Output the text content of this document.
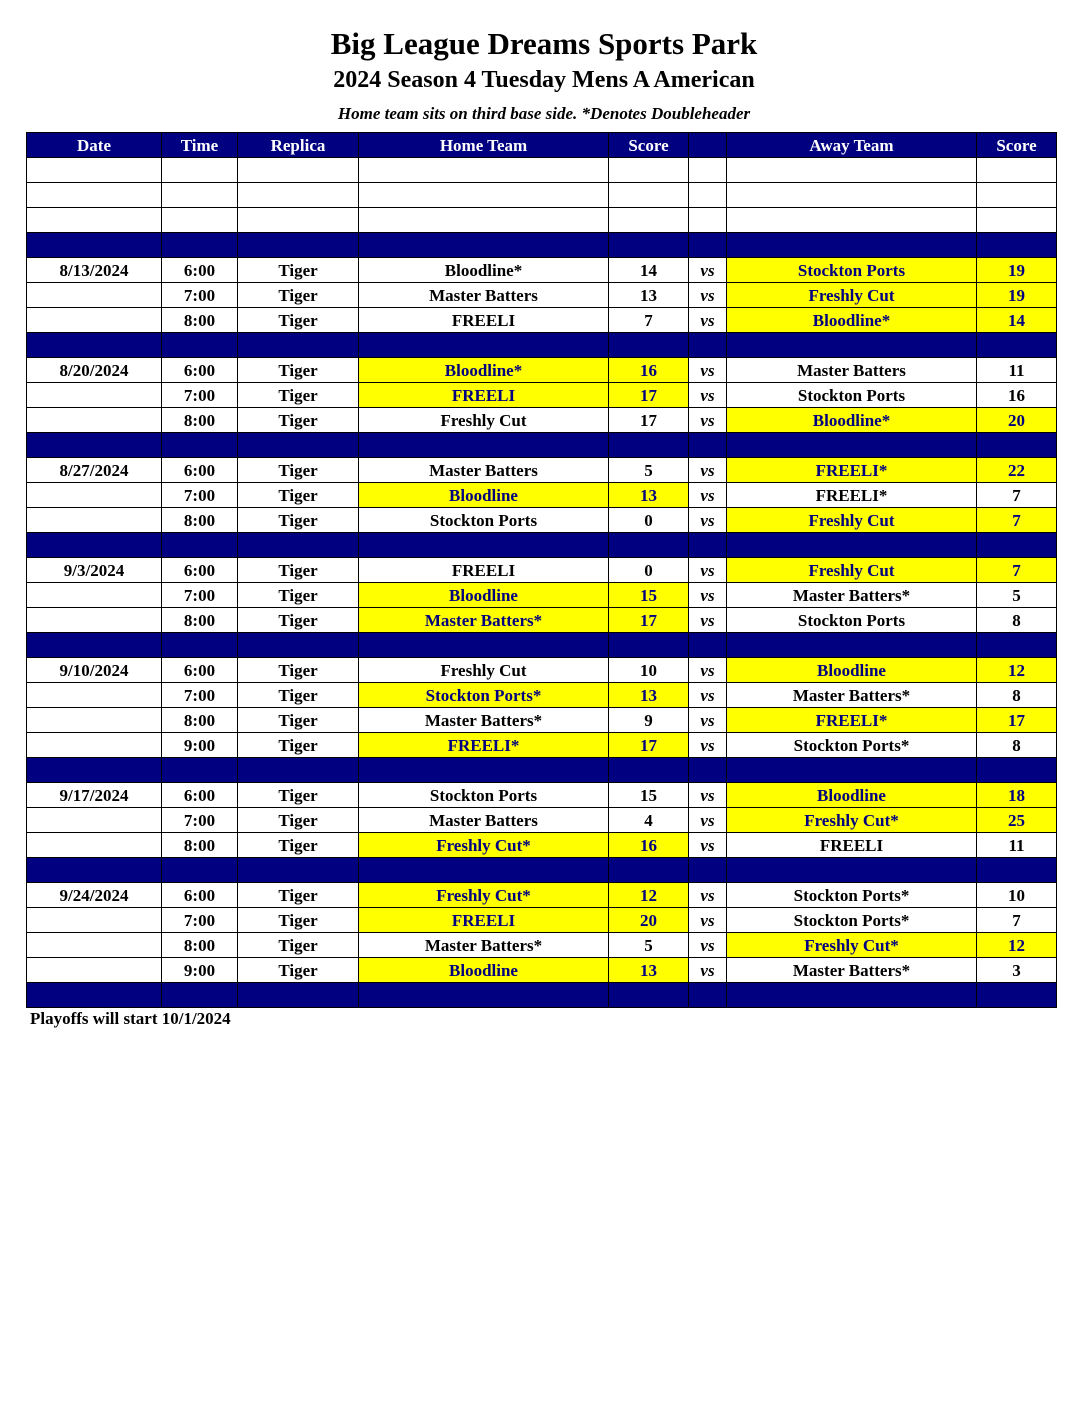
Big League Dreams Sports Park
2024 Season 4 Tuesday Mens A American
Home team sits on third base side. *Denotes Doubleheader
Date	Time	Replica	Home Team	Score		Away Team	Score

8/13/2024	6:00	Tiger	Bloodline*	14	vs	Stockton Ports	19
	7:00	Tiger	Master Batters	13	vs	Freshly Cut	19
	8:00	Tiger	FREELI	7	vs	Bloodline*	14

8/20/2024	6:00	Tiger	Bloodline*	16	vs	Master Batters	11
	7:00	Tiger	FREELI	17	vs	Stockton Ports	16
	8:00	Tiger	Freshly Cut	17	vs	Bloodline*	20

8/27/2024	6:00	Tiger	Master Batters	5	vs	FREELI*	22
	7:00	Tiger	Bloodline	13	vs	FREELI*	7
	8:00	Tiger	Stockton Ports	0	vs	Freshly Cut	7

9/3/2024	6:00	Tiger	FREELI	0	vs	Freshly Cut	7
	7:00	Tiger	Bloodline	15	vs	Master Batters*	5
	8:00	Tiger	Master Batters*	17	vs	Stockton Ports	8

9/10/2024	6:00	Tiger	Freshly Cut	10	vs	Bloodline	12
	7:00	Tiger	Stockton Ports*	13	vs	Master Batters*	8
	8:00	Tiger	Master Batters*	9	vs	FREELI*	17
	9:00	Tiger	FREELI*	17	vs	Stockton Ports*	8

9/17/2024	6:00	Tiger	Stockton Ports	15	vs	Bloodline	18
	7:00	Tiger	Master Batters	4	vs	Freshly Cut*	25
	8:00	Tiger	Freshly Cut*	16	vs	FREELI	11

9/24/2024	6:00	Tiger	Freshly Cut*	12	vs	Stockton Ports*	10
	7:00	Tiger	FREELI	20	vs	Stockton Ports*	7
	8:00	Tiger	Master Batters*	5	vs	Freshly Cut*	12
	9:00	Tiger	Bloodline	13	vs	Master Batters*	3

Playoffs will start 10/1/2024
